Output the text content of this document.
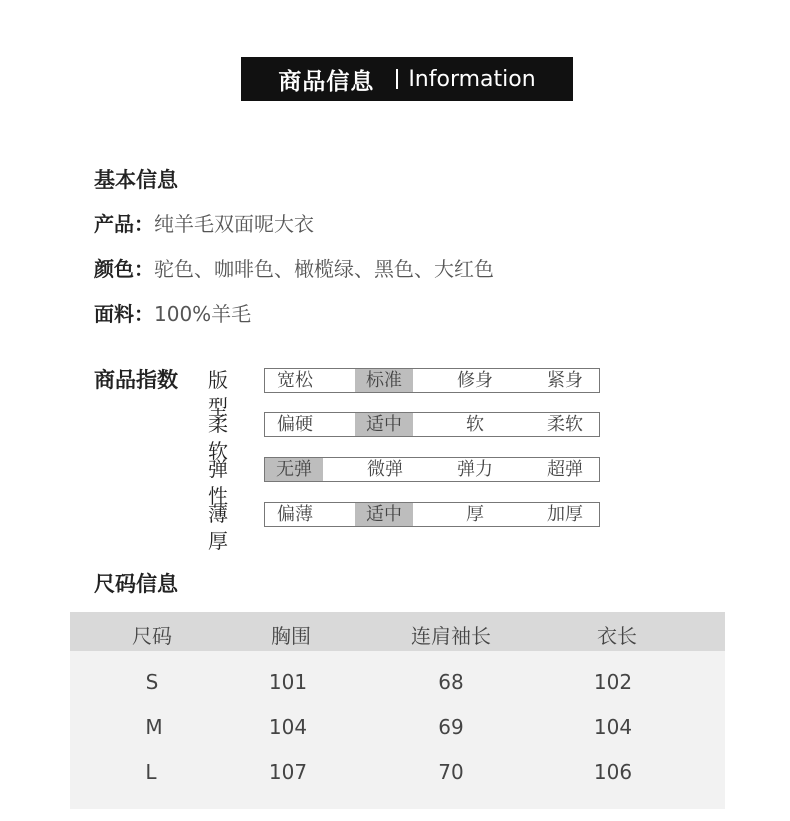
商品信息 Information
基本信息
产品：纯羊毛双面呢大衣
颜色：驼色、咖啡色、橄榄绿、黑色、大红色
面料：100%羊毛
商品指数 版型
宽松	标准	修身	紧身
柔软
偏硬	适中	软	柔软
弹性
无弹	微弹	弹力	超弹
薄厚
偏薄	适中	厚	加厚
尺码信息
尺码	胸围	连肩袖长	衣长
S	101	68	102
M	104	69	104
L	107	70	106
